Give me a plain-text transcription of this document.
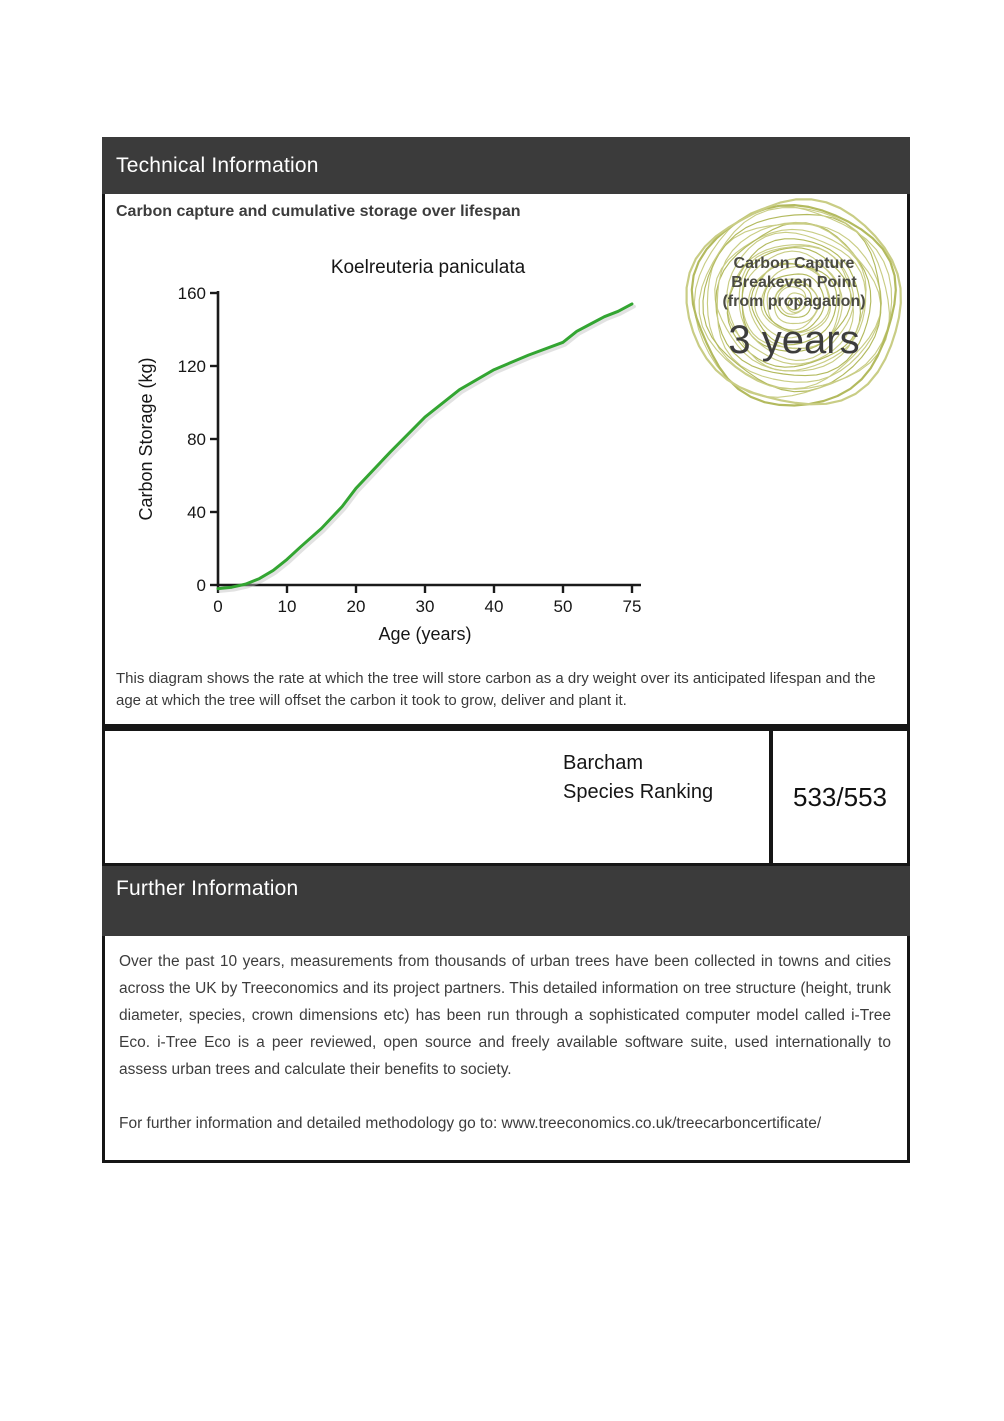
Technical Information
Carbon capture and cumulative storage over lifespan
Koelreuteria paniculata
Age (years)
Carbon Storage (kg)
0	10	20	30	40	50	75
0
40
80
120
160
Carbon Capture
Breakeven Point
(from propagation)
3 years
This diagram shows the rate at which the tree will store carbon as a dry weight over its anticipated lifespan and the age at which the tree will offset the carbon it took to grow, deliver and plant it.
Barcham
Species Ranking	533/553
Further Information

Over the past 10 years, measurements from thousands of urban trees have been collected in towns and cities across the UK by Treeconomics and its project partners. This detailed information on tree structure (height, trunk diameter, species, crown dimensions etc) has been run through a sophisticated computer model called i-Tree Eco. i-Tree Eco is a peer reviewed, open source and freely available software suite, used internationally to assess urban trees and calculate their benefits to society.

For further information and detailed methodology go to: www.treeconomics.co.uk/treecarboncertificate/
